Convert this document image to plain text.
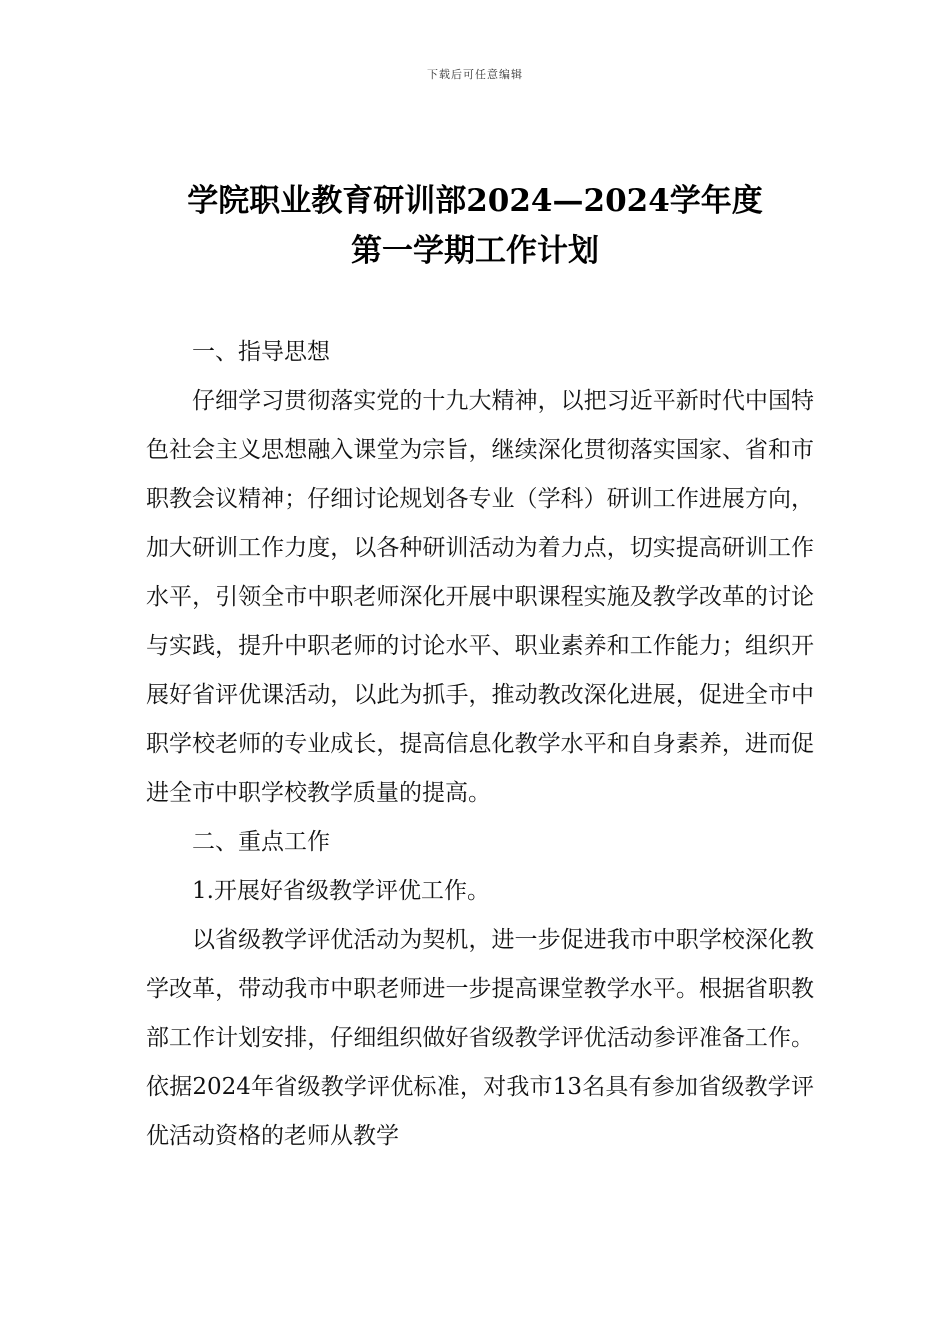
下载后可任意编辑
学院职业教育研训部2024—2024学年度
第一学期工作计划

一、指导思想

仔细学习贯彻落实党的十九大精神，以把习近平新时代中国特色社会主义思想融入课堂为宗旨，继续深化贯彻落实国家、省和市职教会议精神；仔细讨论规划各专业（学科）研训工作进展方向，加大研训工作力度，以各种研训活动为着力点，切实提高研训工作水平，引领全市中职老师深化开展中职课程实施及教学改革的讨论与实践，提升中职老师的讨论水平、职业素养和工作能力；组织开展好省评优课活动，以此为抓手，推动教改深化进展，促进全市中职学校老师的专业成长，提高信息化教学水平和自身素养，进而促进全市中职学校教学质量的提高。

二、重点工作

1.开展好省级教学评优工作。

以省级教学评优活动为契机，进一步促进我市中职学校深化教学改革，带动我市中职老师进一步提高课堂教学水平。根据省职教部工作计划安排，仔细组织做好省级教学评优活动参评准备工作。依据2024年省级教学评优标准，对我市13名具有参加省级教学评优活动资格的老师从教学
